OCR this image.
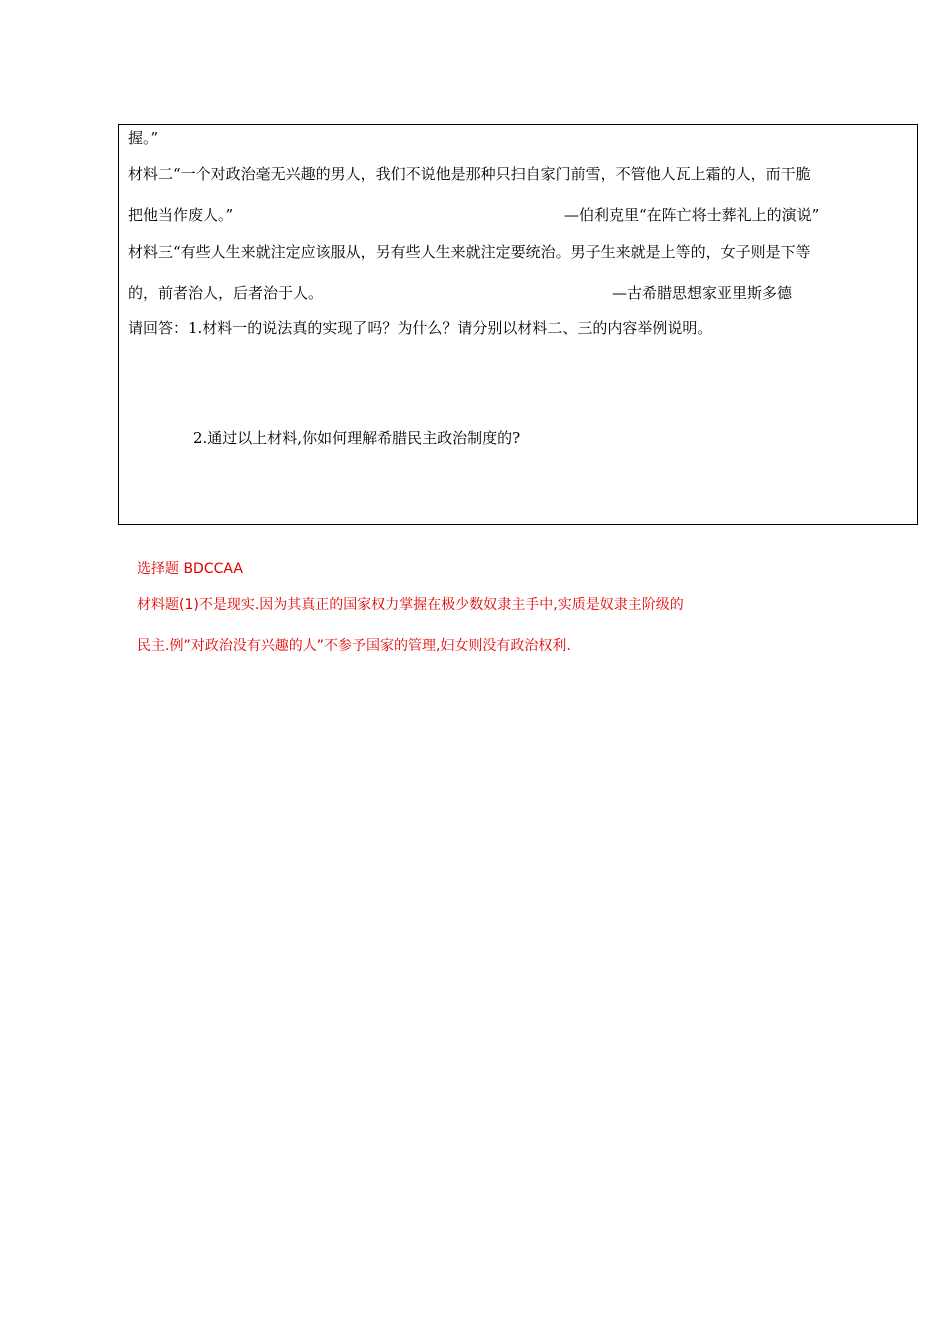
握。”
材料二“一个对政治毫无兴趣的男人，我们不说他是那种只扫自家门前雪，不管他人瓦上霜的人，而干脆
把他当作废人。”	—伯利克里“在阵亡将士葬礼上的演说”
材料三“有些人生来就注定应该服从，另有些人生来就注定要统治。男子生来就是上等的，女子则是下等
的，前者治人，后者治于人。	—古希腊思想家亚里斯多德
请回答：1.材料一的说法真的实现了吗？为什么？请分别以材料二、三的内容举例说明。
2.通过以上材料,你如何理解希腊民主政治制度的?
选择题 BDCCAA
材料题(1)不是现实.因为其真正的国家权力掌握在极少数奴隶主手中,实质是奴隶主阶级的
民主.例”对政治没有兴趣的人”不参予国家的管理,妇女则没有政治权利.
